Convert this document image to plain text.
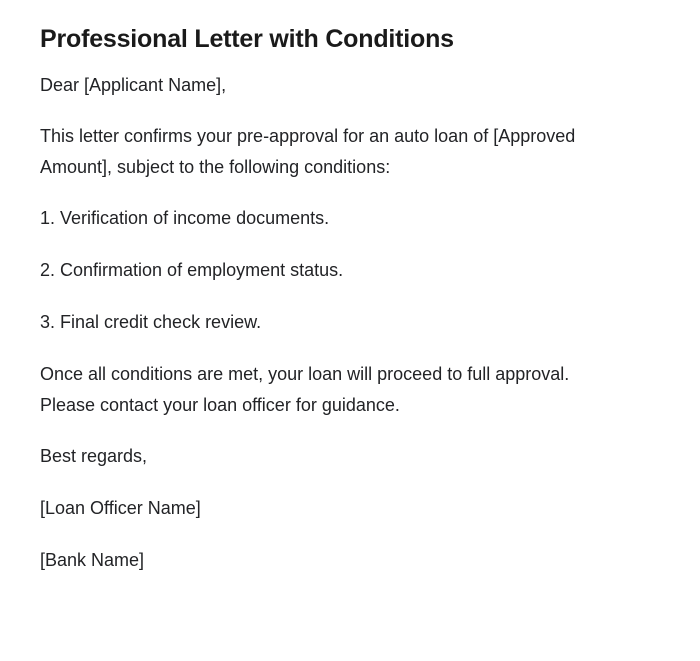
Professional Letter with Conditions

Dear [Applicant Name],

This letter confirms your pre-approval for an auto loan of [Approved Amount], subject to the following conditions:

1. Verification of income documents.

2. Confirmation of employment status.

3. Final credit check review.

Once all conditions are met, your loan will proceed to full approval. Please contact your loan officer for guidance.

Best regards,

[Loan Officer Name]

[Bank Name]
